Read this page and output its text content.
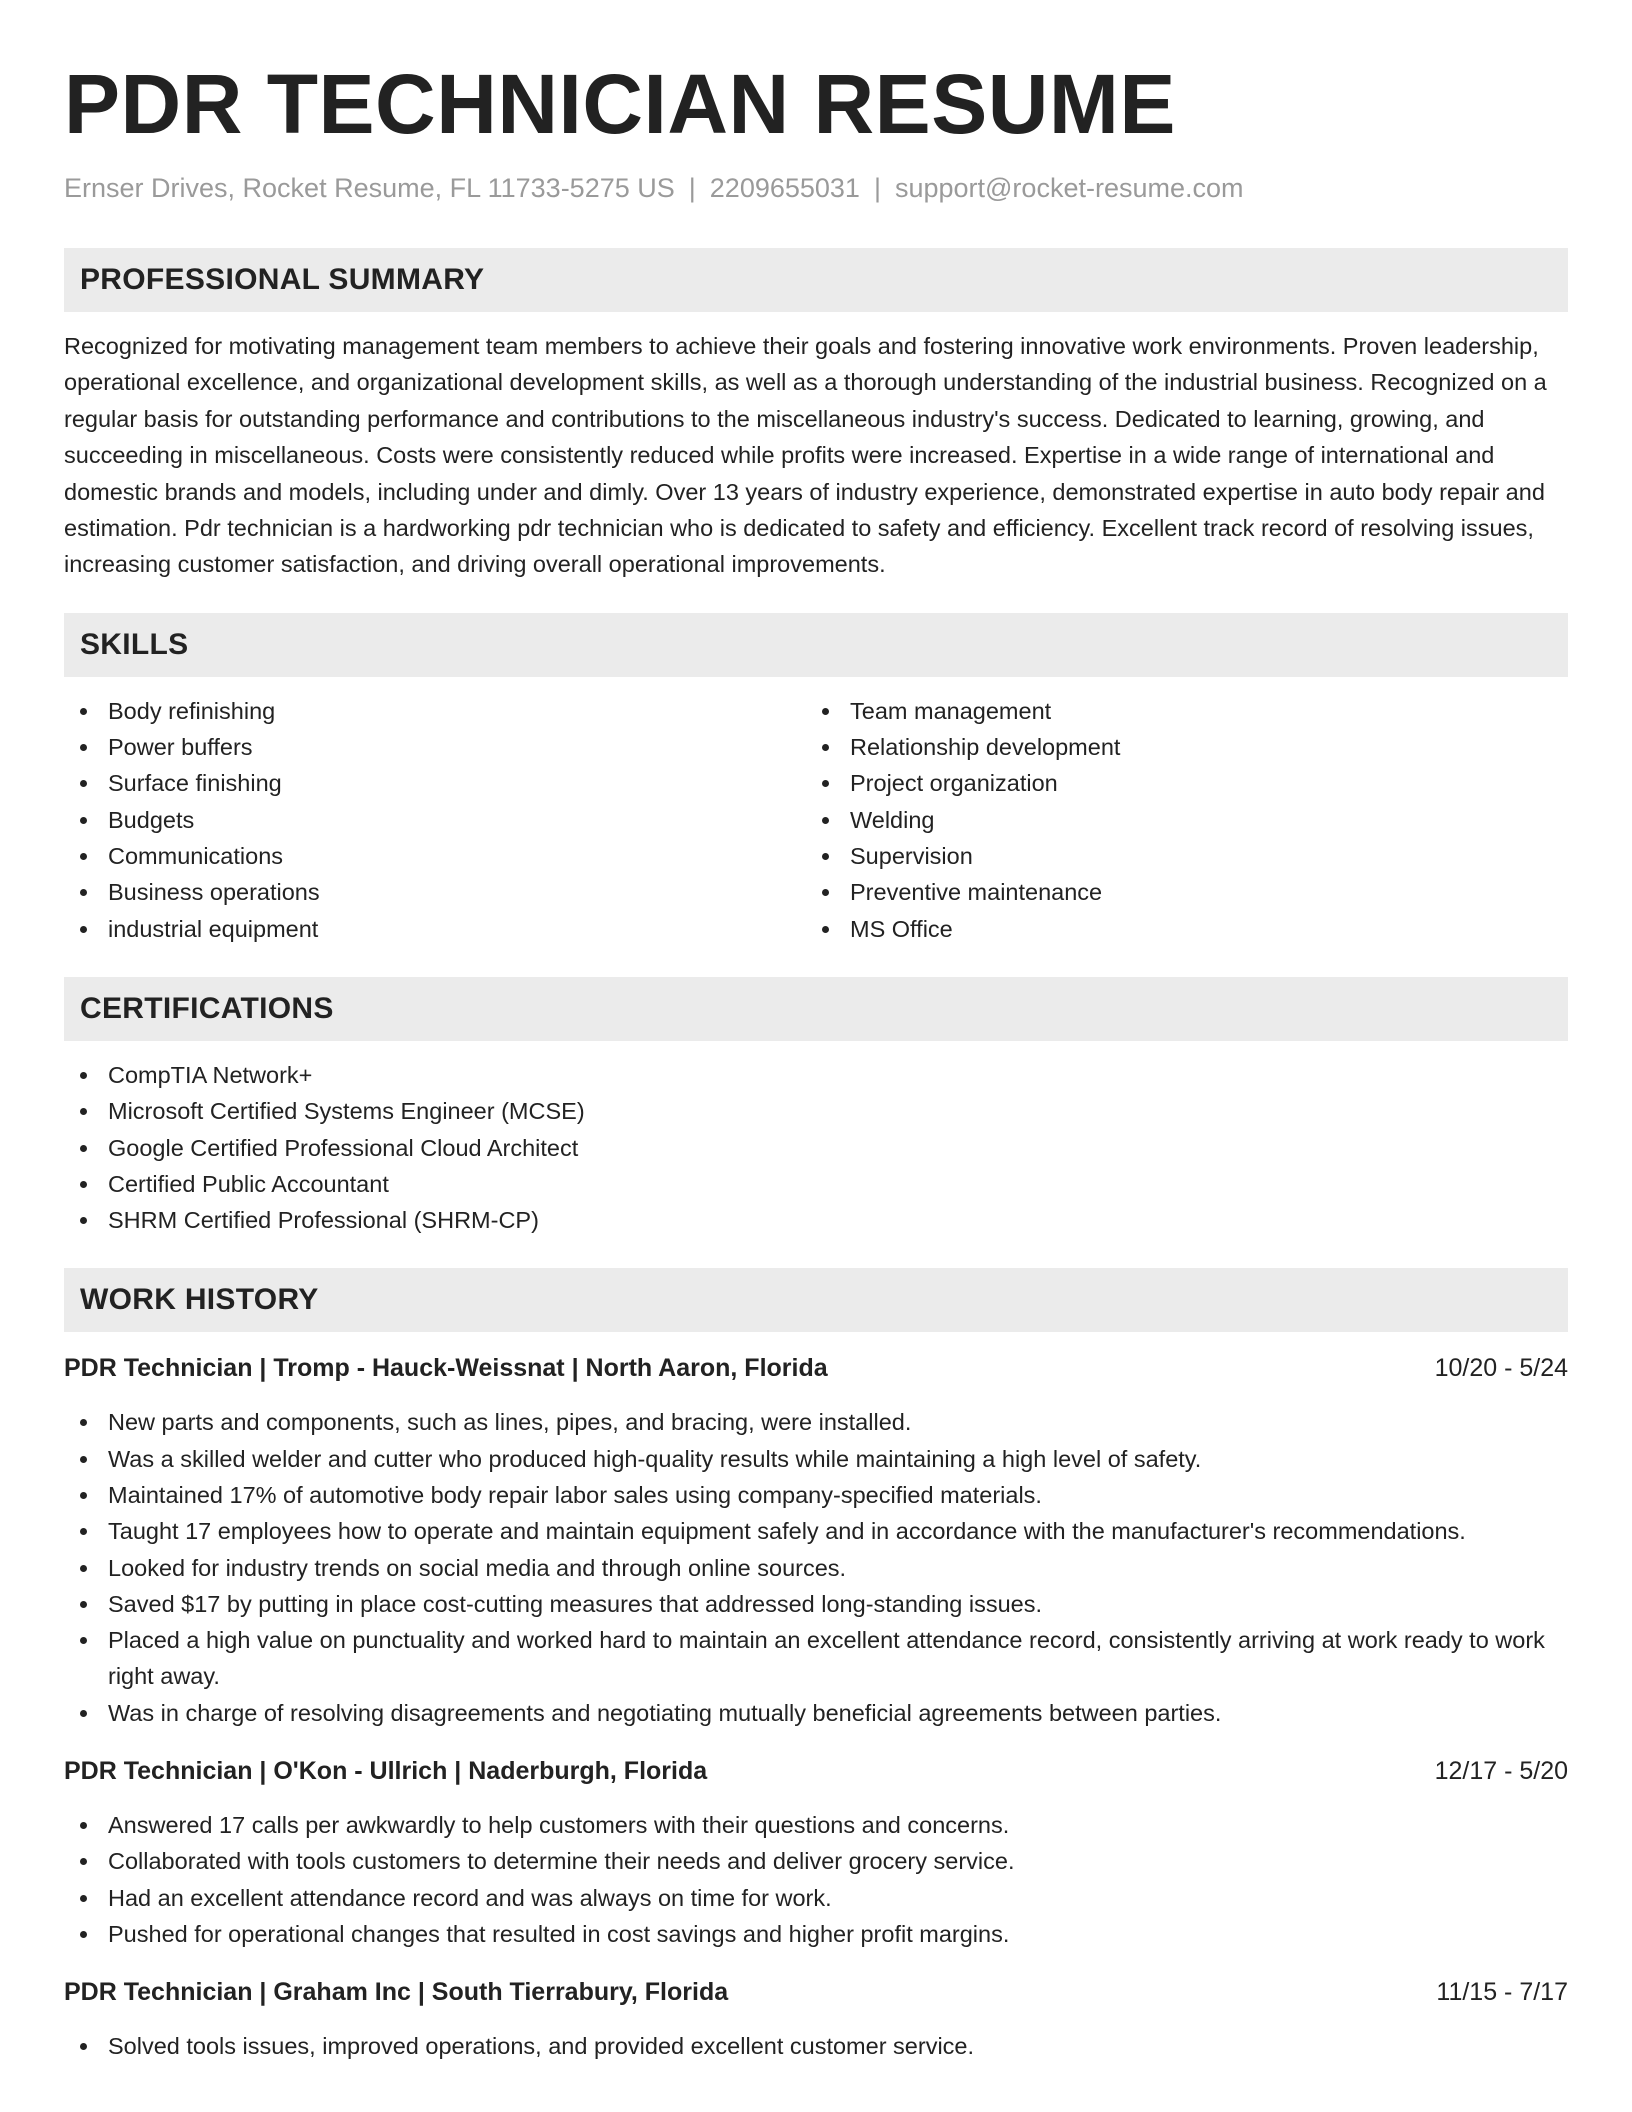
PDR TECHNICIAN RESUME
Ernser Drives, Rocket Resume, FL 11733-5275 US | 2209655031 | support@rocket-resume.com
PROFESSIONAL SUMMARY

Recognized for motivating management team members to achieve their goals and fostering innovative work environments. Proven leadership, operational excellence, and organizational development skills, as well as a thorough understanding of the industrial business. Recognized on a regular basis for outstanding performance and contributions to the miscellaneous industry's success. Dedicated to learning, growing, and succeeding in miscellaneous. Costs were consistently reduced while profits were increased. Expertise in a wide range of international and domestic brands and models, including under and dimly. Over 13 years of industry experience, demonstrated expertise in auto body repair and estimation. Pdr technician is a hardworking pdr technician who is dedicated to safety and efficiency. Excellent track record of resolving issues, increasing customer satisfaction, and driving overall operational improvements.

SKILLS
Body refinishing
Power buffers
Surface finishing
Budgets
Communications
Business operations
industrial equipment
Team management
Relationship development
Project organization
Welding
Supervision
Preventive maintenance
MS Office
CERTIFICATIONS
CompTIA Network+
Microsoft Certified Systems Engineer (MCSE)
Google Certified Professional Cloud Architect
Certified Public Accountant
SHRM Certified Professional (SHRM-CP)
WORK HISTORY
PDR Technician | Tromp - Hauck-Weissnat | North Aaron, Florida	10/20 - 5/24
New parts and components, such as lines, pipes, and bracing, were installed.
Was a skilled welder and cutter who produced high-quality results while maintaining a high level of safety.
Maintained 17% of automotive body repair labor sales using company-specified materials.
Taught 17 employees how to operate and maintain equipment safely and in accordance with the manufacturer's recommendations.
Looked for industry trends on social media and through online sources.
Saved $17 by putting in place cost-cutting measures that addressed long-standing issues.
Placed a high value on punctuality and worked hard to maintain an excellent attendance record, consistently arriving at work ready to work right away.
Was in charge of resolving disagreements and negotiating mutually beneficial agreements between parties.
PDR Technician | O'Kon - Ullrich | Naderburgh, Florida	12/17 - 5/20
Answered 17 calls per awkwardly to help customers with their questions and concerns.
Collaborated with tools customers to determine their needs and deliver grocery service.
Had an excellent attendance record and was always on time for work.
Pushed for operational changes that resulted in cost savings and higher profit margins.
PDR Technician | Graham Inc | South Tierrabury, Florida	11/15 - 7/17
Solved tools issues, improved operations, and provided excellent customer service.
